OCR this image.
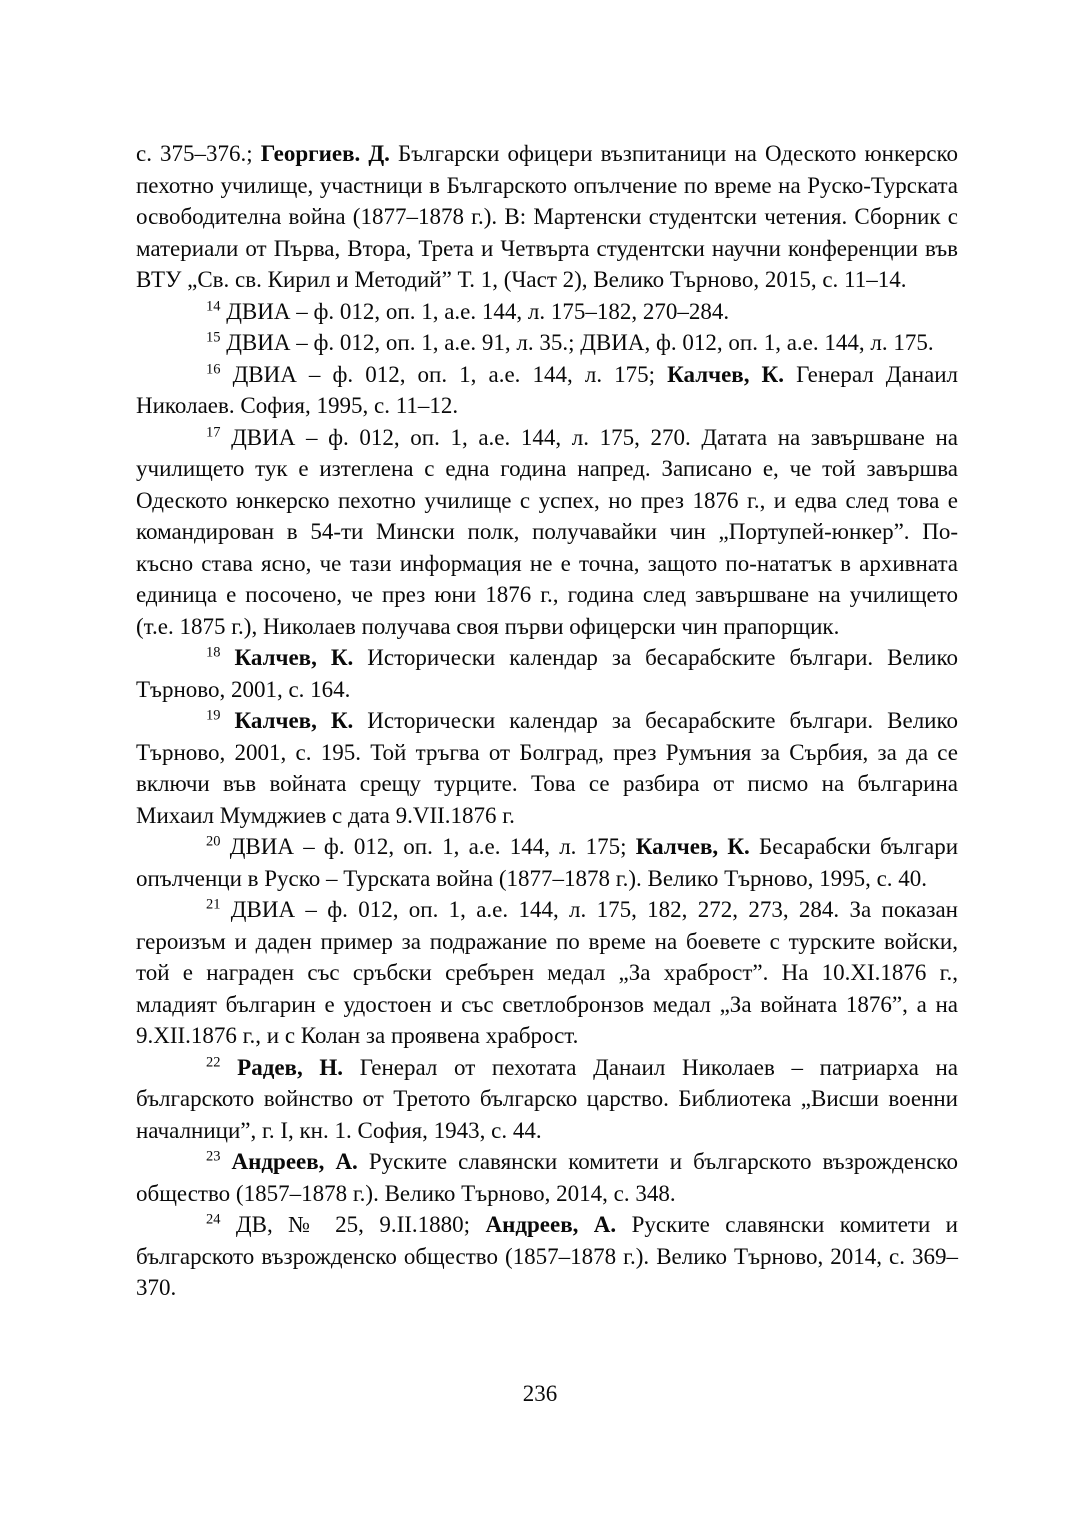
с. 375–376.; Георгиев. Д. Български офицери възпитаници на Одеското юнкерско пехотно училище, участници в Българското опълчение по време на Руско-Турската освободителна война (1877–1878 г.). В: Мартенски студентски четения. Сборник с материали от Първа, Втора, Трета и Четвърта студентски научни конференции във ВТУ „Св. св. Кирил и Методий” Т. 1, (Част 2), Велико Търново, 2015, с. 11–14.

$^{14}$ ДВИА – ф. 012, оп. 1, а.е. 144, л. 175–182, 270–284.

$^{15}$ ДВИА – ф. 012, оп. 1, а.е. 91, л. 35.; ДВИА, ф. 012, оп. 1, а.е. 144, л. 175.

$^{16}$ ДВИА – ф. 012, оп. 1, а.е. 144, л. 175; Калчев, К. Генерал Данаил Николаев. София, 1995, с. 11–12.

$^{17}$ ДВИА – ф. 012, оп. 1, а.е. 144, л. 175, 270. Датата на завършване на училището тук е изтеглена с една година напред. Записано е, че той завършва Одеското юнкерско пехотно училище с успех, но през 1876 г., и едва след това е командирован в 54-ти Мински полк, получавайки чин „Портупей-юнкер”. По-късно става ясно, че тази информация не е точна, защото по-нататък в архивната единица е посочено, че през юни 1876 г., година след завършване на училището (т.е. 1875 г.), Николаев получава своя първи офицерски чин прапорщик.

$^{18}$ Калчев, К. Исторически календар за бесарабските българи. Велико Търново, 2001, с. 164.

$^{19}$ Калчев, К. Исторически календар за бесарабските българи. Велико Търново, 2001, с. 195. Той тръгва от Болград, през Румъния за Сърбия, за да се включи във войната срещу турците. Това се разбира от писмо на българина Михаил Мумджиев с дата 9.VII.1876 г.

$^{20}$ ДВИА – ф. 012, оп. 1, а.е. 144, л. 175; Калчев, К. Бесарабски българи опълченци в Руско – Турската война (1877–1878 г.). Велико Търново, 1995, с. 40.

$^{21}$ ДВИА – ф. 012, оп. 1, а.е. 144, л. 175, 182, 272, 273, 284. За показан героизъм и даден пример за подражание по време на боевете с турските войски, той е награден със сръбски сребърен медал „За храброст”. На 10.XI.1876 г., младият българин е удостоен и със светлобронзов медал „За войната 1876”, а на 9.XII.1876 г., и с Колан за проявена храброст.

$^{22}$ Радев, Н. Генерал от пехотата Данаил Николаев – патриарха на българското войнство от Третото българско царство. Библиотека „Висши военни началници”, г. I, кн. 1. София, 1943, с. 44.

$^{23}$ Андреев, А. Руските славянски комитети и българското възрожденско общество (1857–1878 г.). Велико Търново, 2014, с. 348.

$^{24}$ ДВ, № 25, 9.II.1880; Андреев, А. Руските славянски комитети и българското възрожденско общество (1857–1878 г.). Велико Търново, 2014, с. 369–370.

236
